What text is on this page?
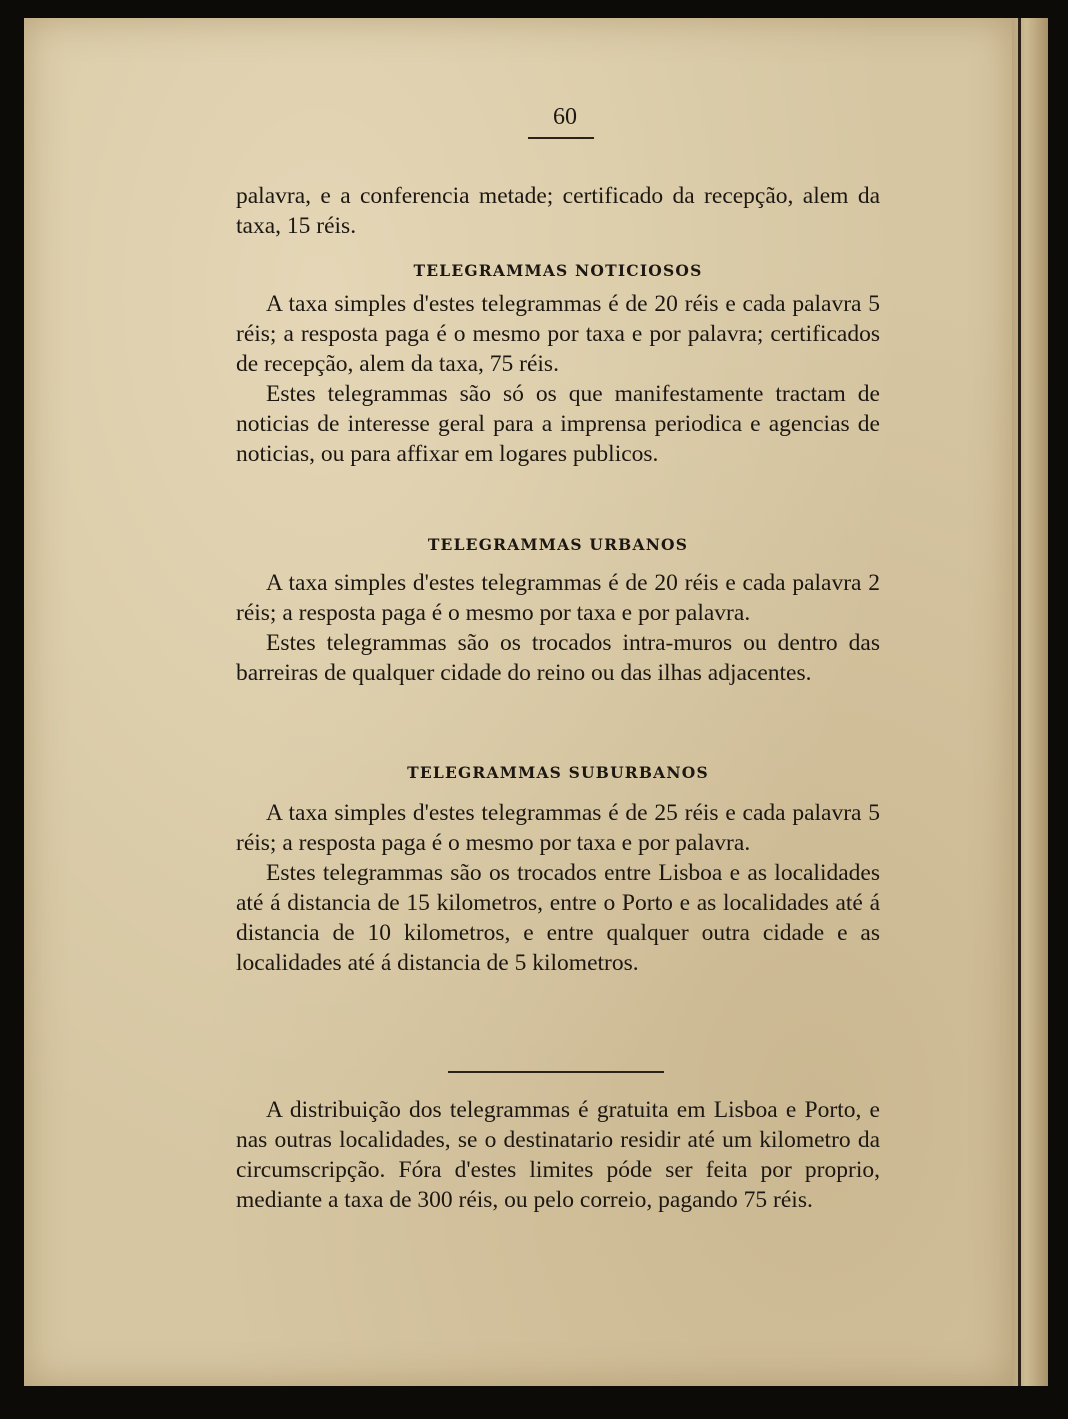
60

palavra, e a conferencia metade; certificado da recepção, alem da taxa, 15 réis.

TELEGRAMMAS NOTICIOSOS

A taxa simples d'estes telegrammas é de 20 réis e cada palavra 5 réis; a resposta paga é o mesmo por taxa e por palavra; certificados de recepção, alem da taxa, 75 réis.

Estes telegrammas são só os que manifestamente tractam de noticias de interesse geral para a imprensa periodica e agencias de noticias, ou para affixar em logares publicos.

TELEGRAMMAS URBANOS

A taxa simples d'estes telegrammas é de 20 réis e cada palavra 2 réis; a resposta paga é o mesmo por taxa e por palavra.

Estes telegrammas são os trocados intra-muros ou dentro das barreiras de qualquer cidade do reino ou das ilhas adjacentes.

TELEGRAMMAS SUBURBANOS

A taxa simples d'estes telegrammas é de 25 réis e cada palavra 5 réis; a resposta paga é o mesmo por taxa e por palavra.

Estes telegrammas são os trocados entre Lisboa e as localidades até á distancia de 15 kilometros, entre o Porto e as localidades até á distancia de 10 kilometros, e entre qualquer outra cidade e as localidades até á distancia de 5 kilometros.

A distribuição dos telegrammas é gratuita em Lisboa e Porto, e nas outras localidades, se o destinatario residir até um kilometro da circumscripção. Fóra d'estes limites póde ser feita por proprio, mediante a taxa de 300 réis, ou pelo correio, pagando 75 réis.
